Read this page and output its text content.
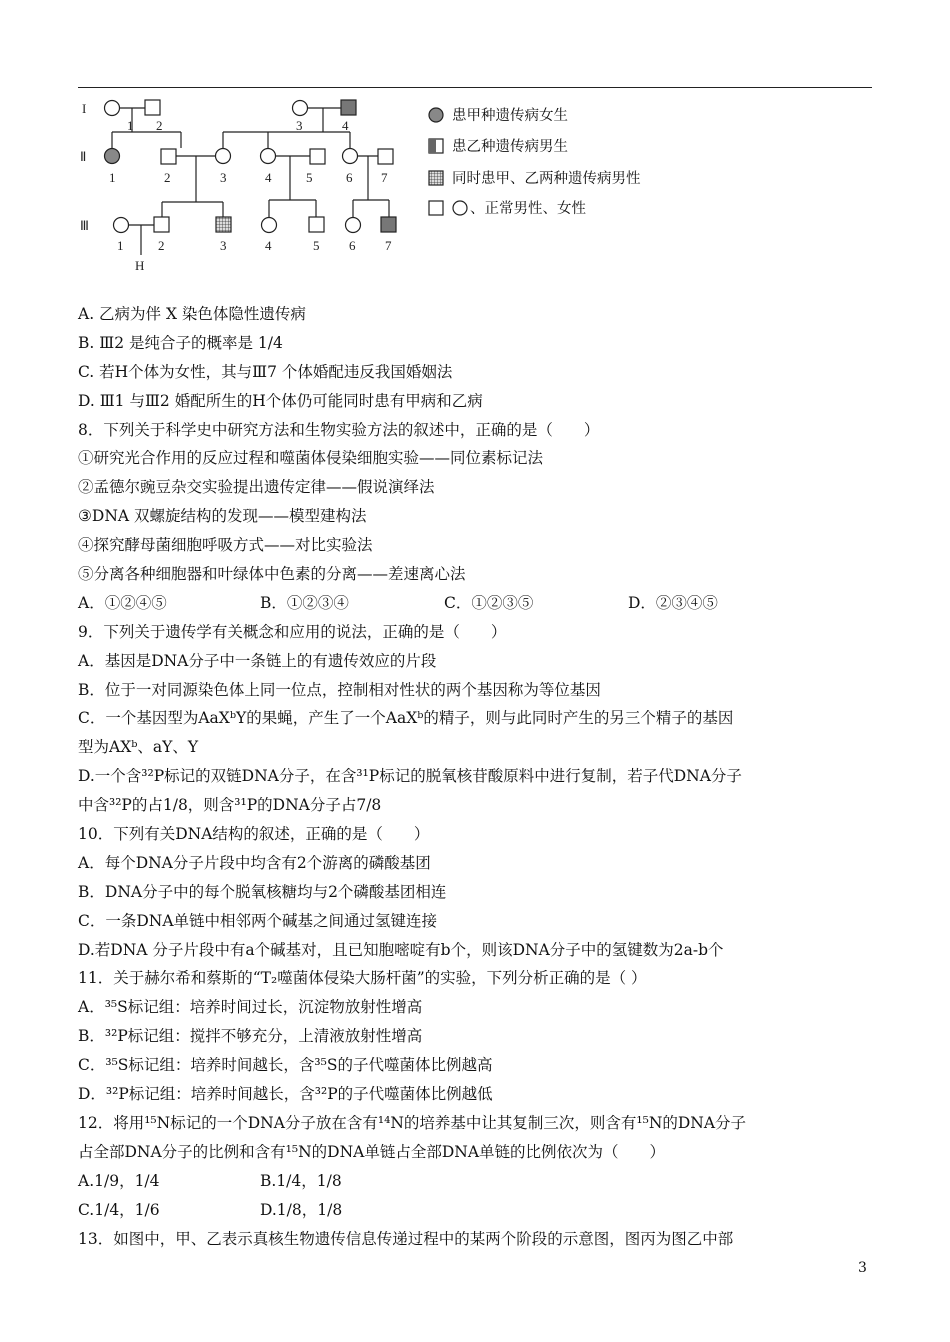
I
Ⅱ
Ⅲ
1 2	3	4
1	2	3	4	5	6 7
1	2	3	4	5 6 7
H
患甲种遗传病女生
患乙种遗传病男生
同时患甲、乙两种遗传病男性
、正常男性、女性
A. 乙病为伴 X 染色体隐性遗传病
B. Ⅲ2 是纯合子的概率是 1/4
C. 若H个体为女性，其与Ⅲ7 个体婚配违反我国婚姻法
D. Ⅲ1 与Ⅲ2 婚配所生的H个体仍可能同时患有甲病和乙病
8．下列关于科学史中研究方法和生物实验方法的叙述中，正确的是（　　）
①研究光合作用的反应过程和噬菌体侵染细胞实验——同位素标记法
②孟德尔豌豆杂交实验提出遗传定律——假说演绎法
③DNA 双螺旋结构的发现——模型建构法
④探究酵母菌细胞呼吸方式——对比实验法
⑤分离各种细胞器和叶绿体中色素的分离——差速离心法
A．①②④⑤	B．①②③④	C．①②③⑤	D．②③④⑤
9．下列关于遗传学有关概念和应用的说法，正确的是（　　）
A．基因是DNA分子中一条链上的有遗传效应的片段
B．位于一对同源染色体上同一位点，控制相对性状的两个基因称为等位基因
C．一个基因型为AaXᵇY的果蝇，产生了一个AaXᵇ的精子，则与此同时产生的另三个精子的基因
型为AXᵇ、aY、Y
D.一个含³²P标记的双链DNA分子，在含³¹P标记的脱氧核苷酸原料中进行复制，若子代DNA分子
中含³²P的占1/8，则含³¹P的DNA分子占7/8
10．下列有关DNA结构的叙述，正确的是（　　）
A．每个DNA分子片段中均含有2个游离的磷酸基团
B．DNA分子中的每个脱氧核糖均与2个磷酸基团相连
C．一条DNA单链中相邻两个碱基之间通过氢键连接
D.若DNA 分子片段中有a个碱基对，且已知胞嘧啶有b个，则该DNA分子中的氢键数为2a-b个
11．关于赫尔希和蔡斯的“T₂噬菌体侵染大肠杆菌”的实验，下列分析正确的是（ ）
A．³⁵S标记组：培养时间过长，沉淀物放射性增高
B．³²P标记组：搅拌不够充分，上清液放射性增高
C．³⁵S标记组：培养时间越长，含³⁵S的子代噬菌体比例越高
D．³²P标记组：培养时间越长，含³²P的子代噬菌体比例越低
12．将用¹⁵N标记的一个DNA分子放在含有¹⁴N的培养基中让其复制三次，则含有¹⁵N的DNA分子
占全部DNA分子的比例和含有¹⁵N的DNA单链占全部DNA单链的比例依次为（　　）
A.1/9，1/4	B.1/4，1/8
C.1/4，1/6	D.1/8，1/8
13．如图中，甲、乙表示真核生物遗传信息传递过程中的某两个阶段的示意图，图丙为图乙中部
3
